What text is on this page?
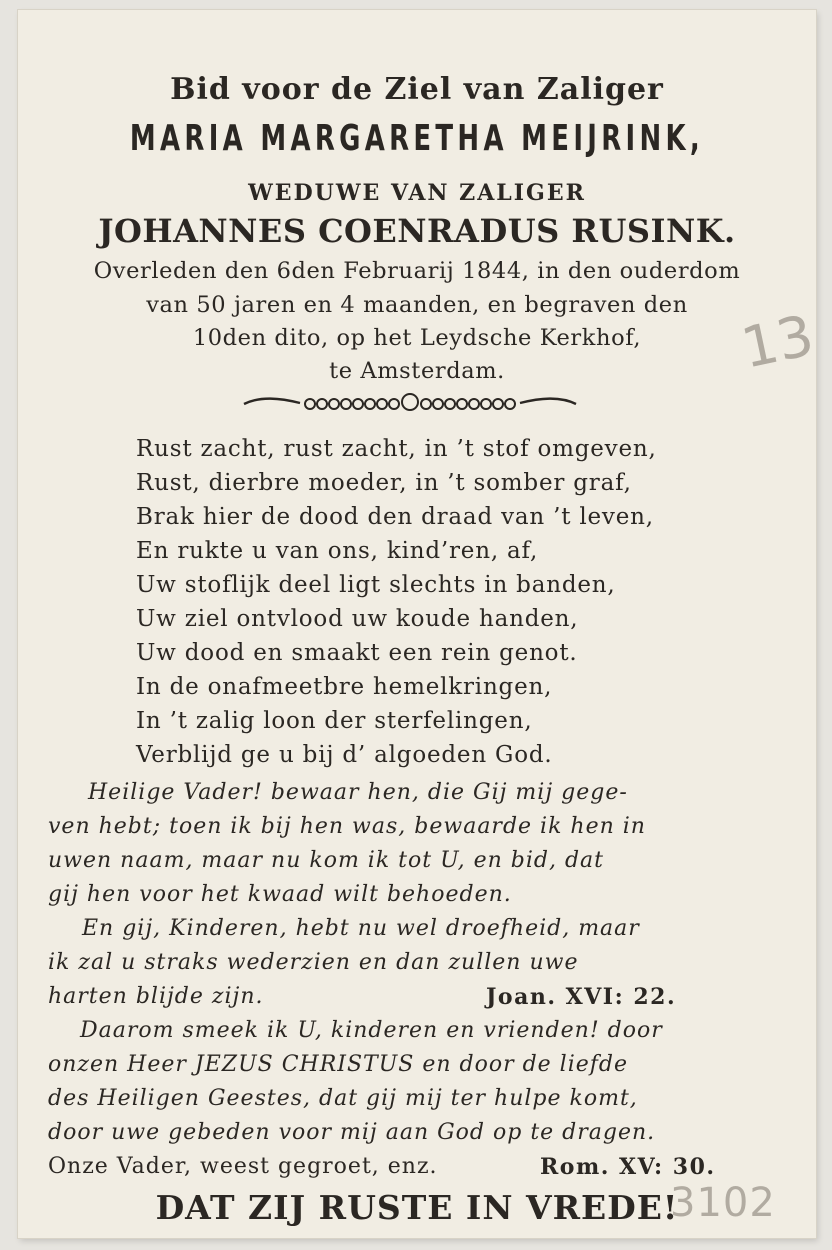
Bid voor de Ziel van Zaliger
MARIA MARGARETHA MEIJRINK,
WEDUWE VAN ZALIGER
JOHANNES COENRADUS RUSINK.
Overleden den 6den Februarij 1844, in den ouderdom
van 50 jaren en 4 maanden, en begraven den
10den dito, op het Leydsche Kerkhof,
te Amsterdam.
Rust zacht, rust zacht, in ’t stof omgeven,
Rust, dierbre moeder, in ’t somber graf,
Brak hier de dood den draad van ’t leven,
En rukte u van ons, kind’ren, af,
Uw stoflijk deel ligt slechts in banden,
Uw ziel ontvlood uw koude handen,
Uw dood en smaakt een rein genot.
In de onafmeetbre hemelkringen,
In ’t zalig loon der sterfelingen,
Verblijd ge u bij d’ algoeden God.
Heilige Vader! bewaar hen, die Gij mij gege-
ven hebt; toen ik bij hen was, bewaarde ik hen in
uwen naam, maar nu kom ik tot U, en bid, dat
gij hen voor het kwaad wilt behoeden.
En gij, Kinderen, hebt nu wel droefheid, maar
ik zal u straks wederzien en dan zullen uwe
harten blijde zijn.	Joan. XVI: 22.
Daarom smeek ik U, kinderen en vrienden! door
onzen Heer JEZUS CHRISTUS en door de liefde
des Heiligen Geestes, dat gij mij ter hulpe komt,
door uwe gebeden voor mij aan God op te dragen.
Onze Vader, weest gegroet, enz.	Rom. XV: 30.
DAT ZIJ RUSTE IN VREDE!
13
3102
